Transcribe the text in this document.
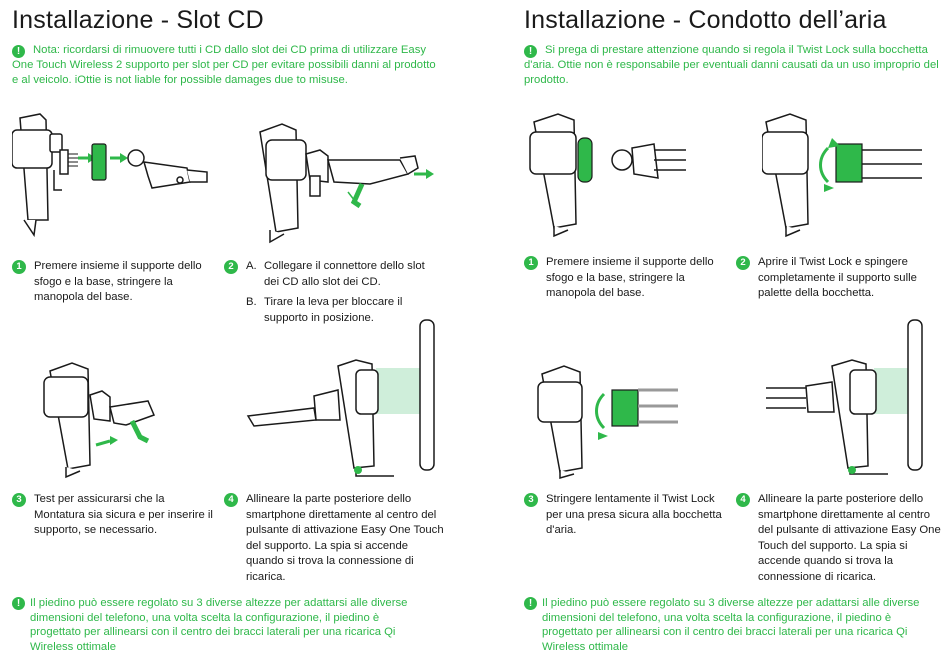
Installazione - Slot CD
! Nota: ricordarsi di rimuovere tutti i CD dallo slot dei CD prima di utilizzare Easy One Touch Wireless 2 supporto per slot per CD per evitare possibili danni al prodotto e al veicolo. iOttie is not liable for possible damages due to misuse.
1	Premere insieme il supporte dello sfogo e la base, stringere la manopola del base.
2	A. Collegare il connettore dello slot dei CD allo slot dei CD.
B. Tirare la leva per bloccare il supporto in posizione.
3	Test per assicurarsi che la Montatura sia sicura e per inserire il supporto, se necessario.
4	Allineare la parte posteriore dello smartphone direttamente al centro del pulsante di attivazione Easy One Touch del supporto. La spia si accende quando si trova la connessione di ricarica.
! Il piedino può essere regolato su 3 diverse altezze per adattarsi alle diverse dimensioni del telefono, una volta scelta la configurazione, il piedino è progettato per allinearsi con il centro dei bracci laterali per una ricarica Qi Wireless ottimale
Installazione - Condotto dell’aria
! Si prega di prestare attenzione quando si regola il Twist Lock sulla bocchetta d'aria. Ottie non è responsabile per eventuali danni causati da un uso improprio del prodotto.
1	Premere insieme il supporte dello sfogo e la base, stringere la manopola del base.
2	Aprire il Twist Lock e spingere completamente il supporto sulle palette della bocchetta.
3	Stringere lentamente il Twist Lock per una presa sicura alla bocchetta d'aria.
4	Allineare la parte posteriore dello smartphone direttamente al centro del pulsante di attivazione Easy One Touch del supporto. La spia si accende quando si trova la connessione di ricarica.
! Il piedino può essere regolato su 3 diverse altezze per adattarsi alle diverse dimensioni del telefono, una volta scelta la configurazione, il piedino è progettato per allinearsi con il centro dei bracci laterali per una ricarica Qi Wireless ottimale
